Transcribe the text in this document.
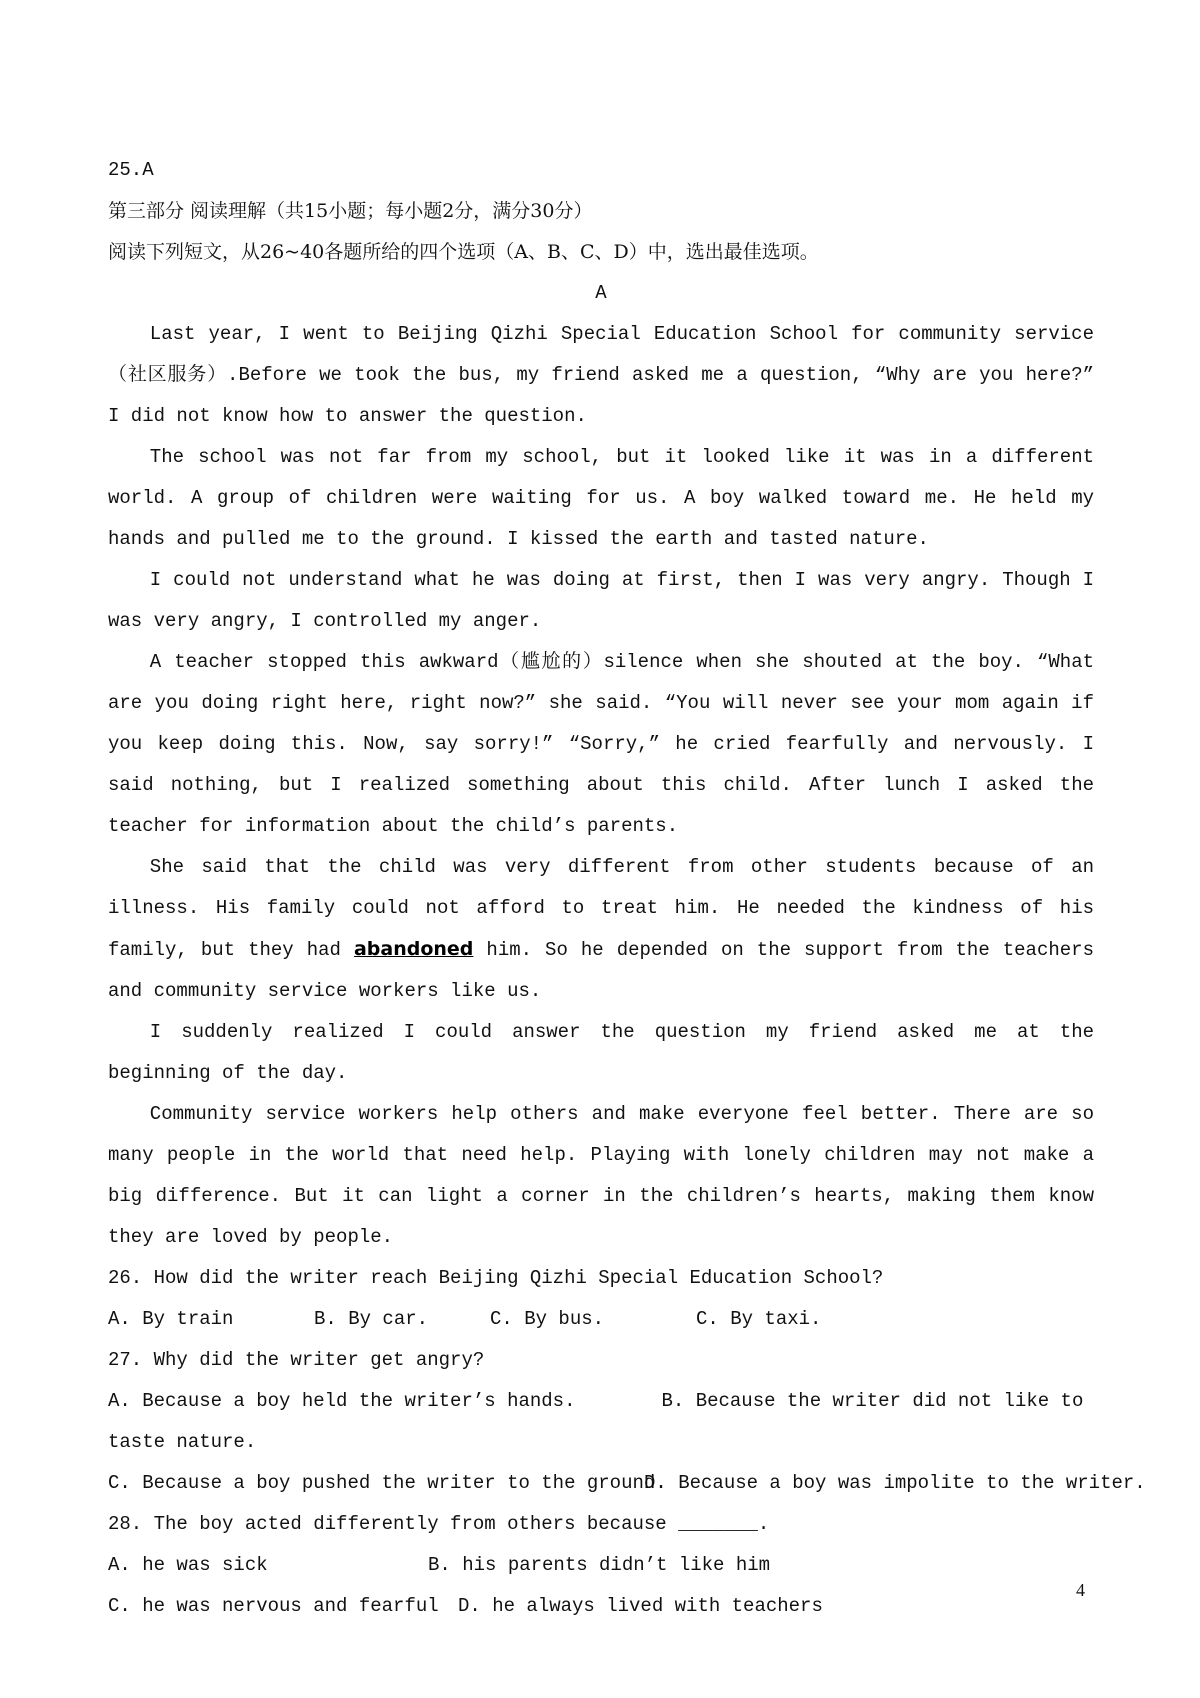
25.A
第三部分 阅读理解（共15小题；每小题2分，满分30分）
阅读下列短文，从26~40各题所给的四个选项（A、B、C、D）中，选出最佳选项。
A

Last year, I went to Beijing Qizhi Special Education School for community service（社区服务）.Before we took the bus, my friend asked me a question, “Why are you here?” I did not know how to answer the question.

The school was not far from my school, but it looked like it was in a different world. A group of children were waiting for us. A boy walked toward me. He held my hands and pulled me to the ground. I kissed the earth and tasted nature.

I could not understand what he was doing at first, then I was very angry. Though I was very angry, I controlled my anger.

A teacher stopped this awkward（尴尬的）silence when she shouted at the boy. “What are you doing right here, right now?” she said. “You will never see your mom again if you keep doing this. Now, say sorry!” “Sorry,” he cried fearfully and nervously. I said nothing, but I realized something about this child. After lunch I asked the teacher for information about the child’s parents.

She said that the child was very different from other students because of an illness. His family could not afford to treat him. He needed the kindness of his family, but they had abandoned him. So he depended on the support from the teachers and community service workers like us.

I suddenly realized I could answer the question my friend asked me at the beginning of the day.

Community service workers help others and make everyone feel better. There are so many people in the world that need help. Playing with lonely children may not make a big difference. But it can light a corner in the children’s hearts, making them know they are loved by people.

26. How did the writer reach Beijing Qizhi Special Education School?
A. By train	B. By car.	C. By bus.	C. By taxi.
27. Why did the writer get angry?
A. Because a boy held the writer’s hands.	B. Because the writer did not like to taste nature.
C. Because a boy pushed the writer to the ground.
D. Because a boy was impolite to the writer.
28. The boy acted differently from others because _______.
A. he was sick	B. his parents didn’t like him
C. he was nervous and fearful	D. he always lived with teachers
4
